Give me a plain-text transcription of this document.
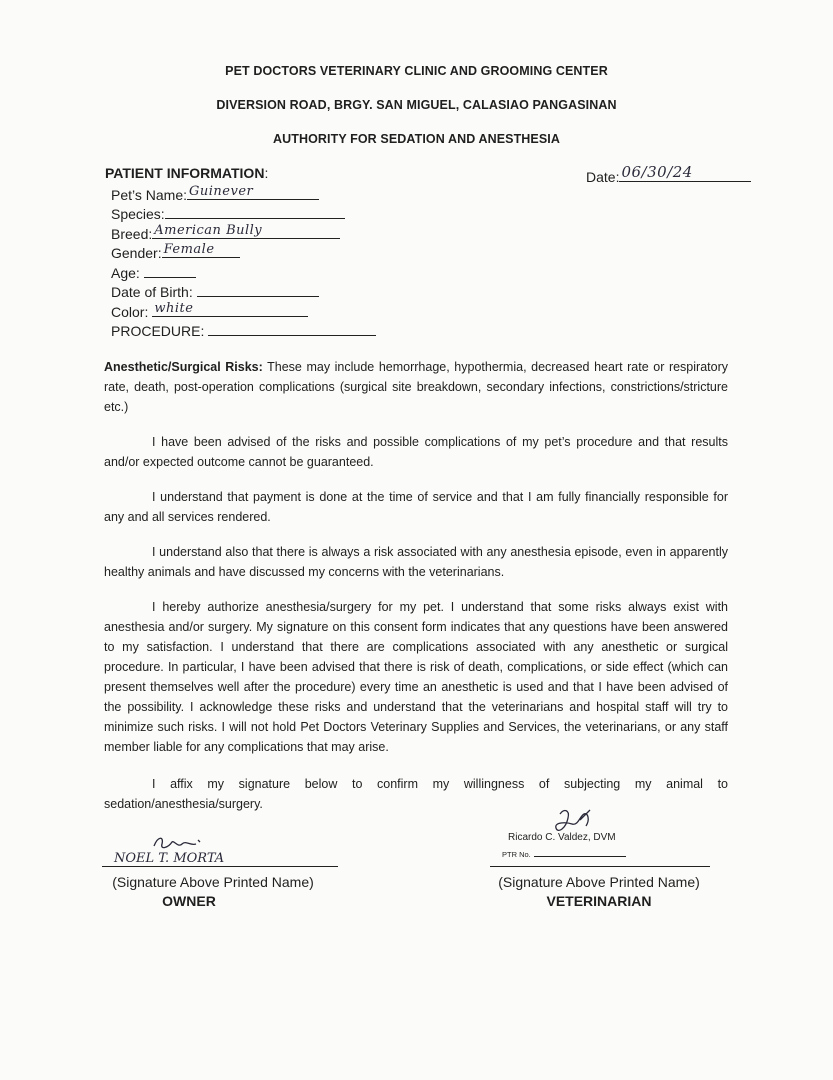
PET DOCTORS VETERINARY CLINIC AND GROOMING CENTER
DIVERSION ROAD, BRGY. SAN MIGUEL, CALASIAO PANGASINAN
AUTHORITY FOR SEDATION AND ANESTHESIA
PATIENT INFORMATION:
Pet’s Name: Guinever
Species:
Breed: American Bully
Gender: Female
Age:
Date of Birth:
Color: white
PROCEDURE:
Date: 06/30/24
Anesthetic/Surgical Risks: These may include hemorrhage, hypothermia, decreased heart rate or respiratory rate, death, post-operation complications (surgical site breakdown, secondary infections, constrictions/stricture etc.)
I have been advised of the risks and possible complications of my pet’s procedure and that results and/or expected outcome cannot be guaranteed.
I understand that payment is done at the time of service and that I am fully financially responsible for any and all services rendered.
I understand also that there is always a risk associated with any anesthesia episode, even in apparently healthy animals and have discussed my concerns with the veterinarians.
I hereby authorize anesthesia/surgery for my pet. I understand that some risks always exist with anesthesia and/or surgery. My signature on this consent form indicates that any questions have been answered to my satisfaction. I understand that there are complications associated with any anesthetic or surgical procedure. In particular, I have been advised that there is risk of death, complications, or side effect (which can present themselves well after the procedure) every time an anesthetic is used and that I have been advised of the possibility. I acknowledge these risks and understand that the veterinarians and hospital staff will try to minimize such risks. I will not hold Pet Doctors Veterinary Supplies and Services, the veterinarians, or any staff member liable for any complications that may arise.
I affix my signature below to confirm my willingness of subjecting my animal to sedation/anesthesia/surgery.
NOEL T. MORTA
(Signature Above Printed Name)
OWNER
Ricardo C. Valdez, DVM
PTR No.
(Signature Above Printed Name)
VETERINARIAN
